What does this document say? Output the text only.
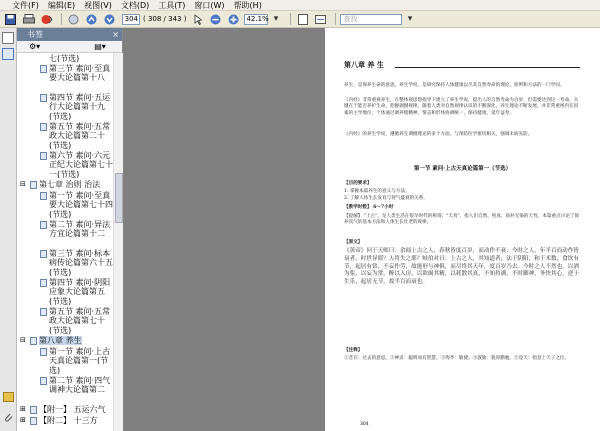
文件(F) 编辑(E) 视图(V) 文档(D) 工具(T) 窗口(W) 帮助(H)
304 ( 308 / 343 )	42.1% ▾	查找	▾
书签	×
⚙▾	▤▾
七(节选)
第三节 素问·至真要大论篇第十八
第四节 素问·五运行大论篇第十九(节选)
第五节 素问·五常政大论篇第二十(节选)
第六节 素问·六元正纪大论篇第七十一(节选)
⊟ 第七章 治则 治法
第一节 素问·至真要大论篇第七十四(节选)
第二节 素问·异法方宜论篇第十二
第三节 素问·标本病传论篇第六十五(节选)
第四节 素问·阴阳应象大论篇第五(节选)
第五节 素问·五常政大论篇第七十(节选)
⊟ 第八章 养生
第一节 素问·上古天真论篇第一(节选)
第二节 素问·四气调神大论篇第二
⊞ 【附一】 五运六气
⊞ 【附二】 十三方
第八章 养 生
养生，是保养生命的意思。养生学说，是研究保持人体健康以尽其自然寿命的理论、原则和方法的一门学问。
《内经》非常重视养生，在整体观思想指导下建立了养生学说，提出人的自然寿命为百岁，但需要达到这一寿命，关键在于能否养护生命，把握调摄规律。随着人类对自然规律认识的不断深化，养生理论不断发展，并非常重视内在因素的主导地位，个体通过调养使精神、情志和形体协调统一，保持健康，延年益寿。
《内经》的养生学说，遵循养生调摄理论的多个方面。与预防医学密切相关，强调未病先防。
第一节 素问·上古天真论篇第一（节选）
【目的要求】
1. 掌握本篇养生的意义与方法。
2. 了解人体生长发育与肾气盛衰的关系。
【教学时数】 6～7小时
【提解】 "上古"，是人类生活在很早时代的称谓；"天真"，指人们自然、纯真、质朴无染的天性。本篇重点讨论了保养真气的基本方法和人体生长壮老的规律。
【原文】
《黄帝》问于天师曰：余闻上古之人，春秋皆度百岁，而动作不衰；今时之人，年半百而动作皆衰者，时世异耶？人将失之耶？岐伯对曰：上古之人，其知道者，法于阴阳，和于术数，食饮有节，起居有常，不妄作劳，故能形与神俱，而尽终其天年，度百岁乃去。今时之人不然也，以酒为浆，以妄为常，醉以入房，以欲竭其精，以耗散其真，不知持满，不时御神，务快其心，逆于生乐，起居无节，故半百而衰也。
【注释】
①昔在：过去的意思。②神灵：聪明而有智慧。③徇齐：敏捷。④敦敏：敦厚勤勉。⑤登天：指登上天子之位。
304
